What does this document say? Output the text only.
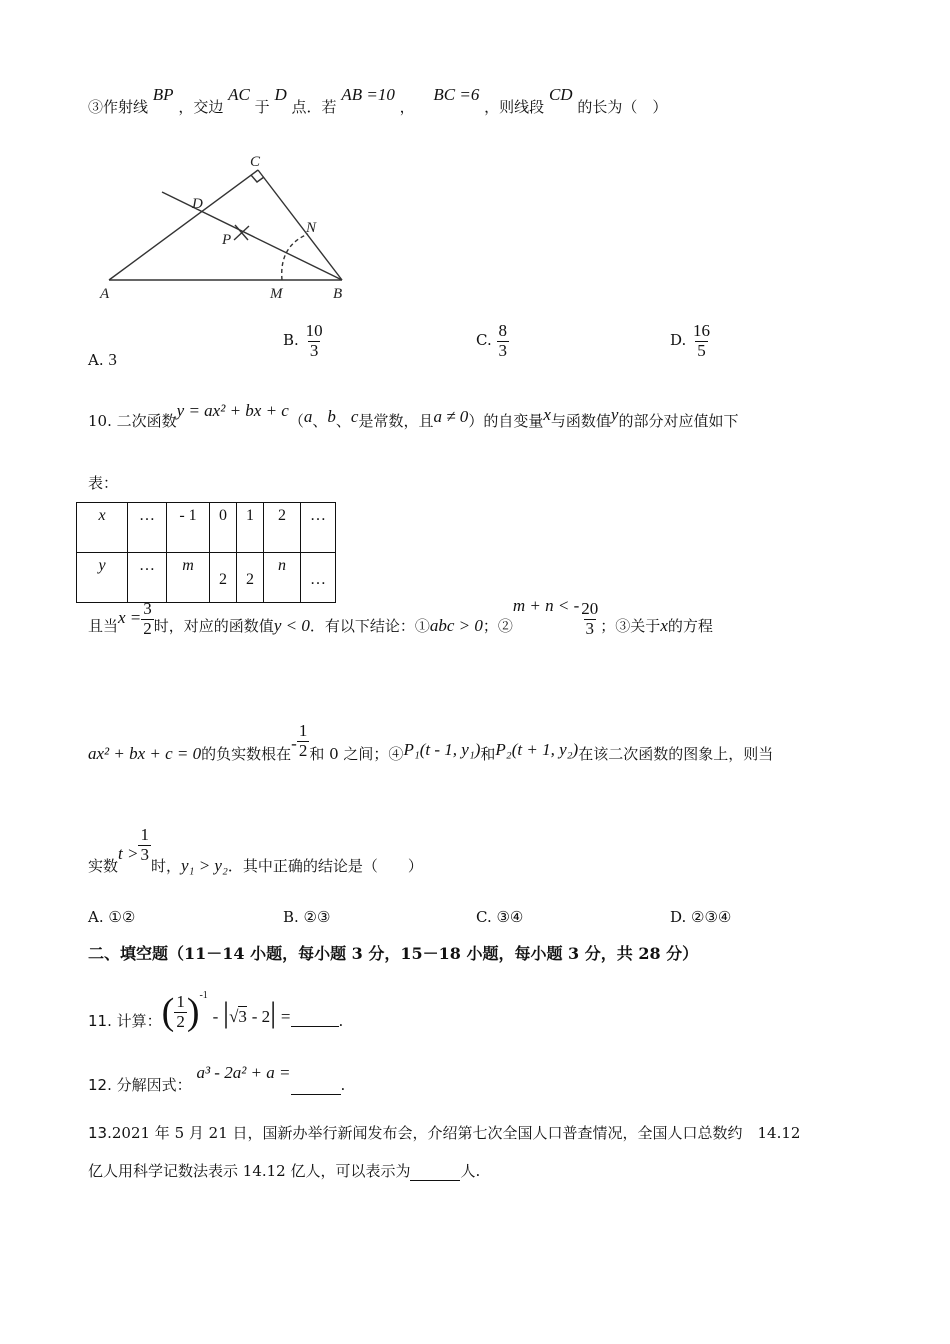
③作射线 BP ，交边 AC 于 D 点．若 AB =10 ， BC =6 ，则线段 CD 的长为（　）
C
D
P
N
A	M	B
A. 3
B. $\frac{10}{3}$	C. $\frac{8}{3}$	D. $\frac{16}{5}$
10. 二次函数y = ax² + bx + c（a、b、c是常数，且a ≠ 0）的自变量x与函数值y的部分对应值如下
表：
x	…	- 1	0	1	2	…
y	…	m	2	2	n	…
且当$x = \frac{3}{2}$ 时，对应的函数值y < 0．有以下结论：①abc > 0；②m + n < - $\frac{20}{3}$ ；③关于x的方程
ax² + bx + c = 0的负实数根在- $\frac{1}{2}$ 和 0 之间；④P₁(t - 1, y₁)和P₂(t + 1, y₂)在该二次函数的图象上，则当
实数$t > \frac{1}{3}$
时，y₁ > y₂．其中正确的结论是（　　）
A. ①②	B. ②③	C. ③④	D. ②③④
二、填空题（11－14 小题，每小题 3 分，15－18 小题，每小题 3 分，共 28 分）
11. 计算：( $\frac{1}{2} )^{-1} - |√3 - 2|$ =	.
12. 分解因式： a³ - 2a² + a = .
13.2021 年 5 月 21 日，国新办举行新闻发布会，介绍第七次全国人口普查情况，全国人口总数约　14.12
亿人用科学记数法表示 14.12 亿人，可以表示为	人.
